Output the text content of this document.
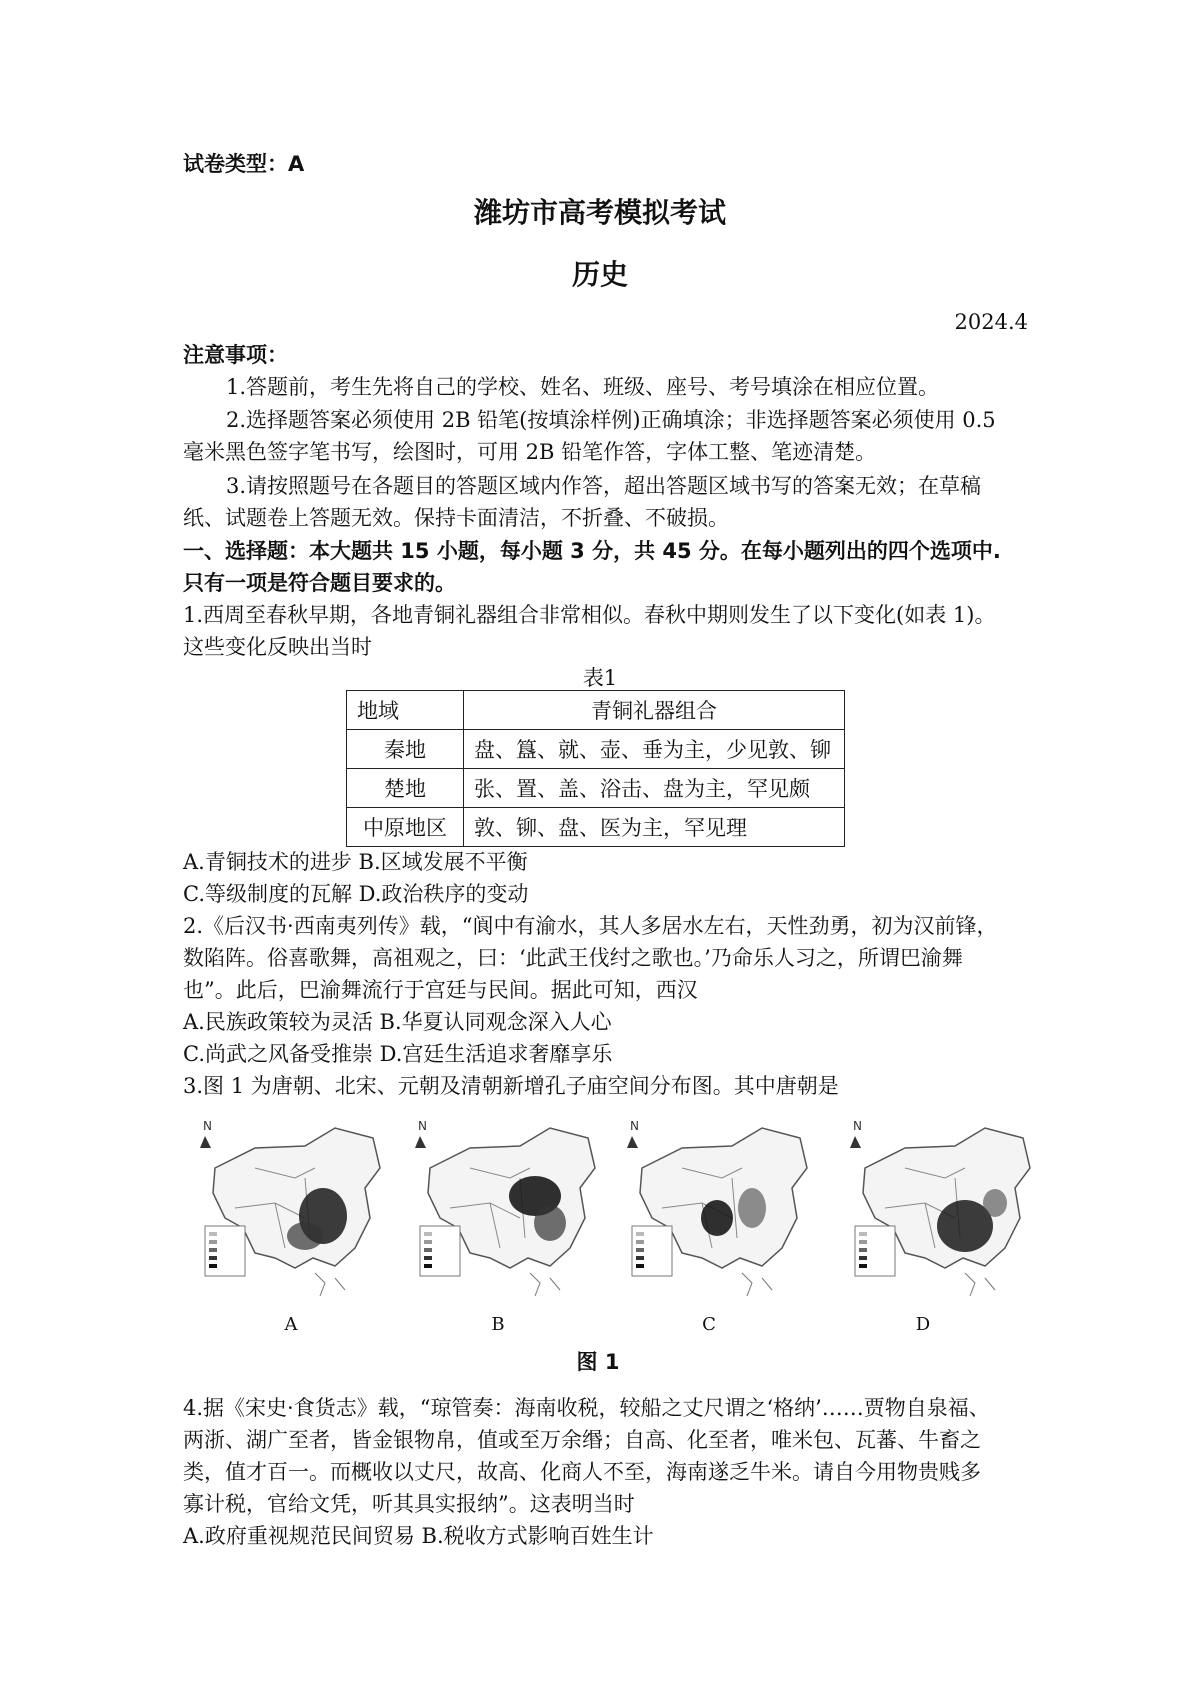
试卷类型：A
潍坊市高考模拟考试
历史
2024.4
注意事项：
1.答题前，考生先将自己的学校、姓名、班级、座号、考号填涂在相应位置。
2.选择题答案必须使用 2B 铅笔(按填涂样例)正确填涂；非选择题答案必须使用 0.5
毫米黑色签字笔书写，绘图时，可用 2B 铅笔作答，字体工整、笔迹清楚。
3.请按照题号在各题目的答题区域内作答，超出答题区域书写的答案无效；在草稿
纸、试题卷上答题无效。保持卡面清洁，不折叠、不破损。
一、选择题：本大题共 15 小题，每小题 3 分，共 45 分。在每小题列出的四个选项中.
只有一项是符合题目要求的。
1.西周至春秋早期，各地青铜礼器组合非常相似。春秋中期则发生了以下变化(如表 1)。
这些变化反映出当时
表1
地域	青铜礼器组合
秦地	盘、簋、就、壶、垂为主，少见敦、铆
楚地	张、置、盖、浴击、盘为主，罕见颇
中原地区	敦、铆、盘、医为主，罕见理
A.青铜技术的进步 B.区域发展不平衡
C.等级制度的瓦解 D.政治秩序的变动
2.《后汉书·西南夷列传》载，“阆中有渝水，其人多居水左右，天性劲勇，初为汉前锋，
数陷阵。俗喜歌舞，高祖观之，曰：‘此武王伐纣之歌也。’乃命乐人习之，所谓巴渝舞
也”。此后，巴渝舞流行于宫廷与民间。据此可知，西汉
A.民族政策较为灵活 B.华夏认同观念深入人心
C.尚武之风备受推崇 D.宫廷生活追求奢靡享乐
3.图 1 为唐朝、北宋、元朝及清朝新增孔子庙空间分布图。其中唐朝是
N
A
N
B
N
C
N
D
图 1
4.据《宋史·食货志》载，“琼管奏：海南收税，较船之丈尺谓之‘格纳’……贾物自泉福、
两浙、湖广至者，皆金银物帛，值或至万余缗；自高、化至者，唯米包、瓦蕃、牛畜之
类，值才百一。而概收以丈尺，故高、化商人不至，海南遂乏牛米。请自今用物贵贱多
寡计税，官给文凭，听其具实报纳”。这表明当时
A.政府重视规范民间贸易 B.税收方式影响百姓生计
